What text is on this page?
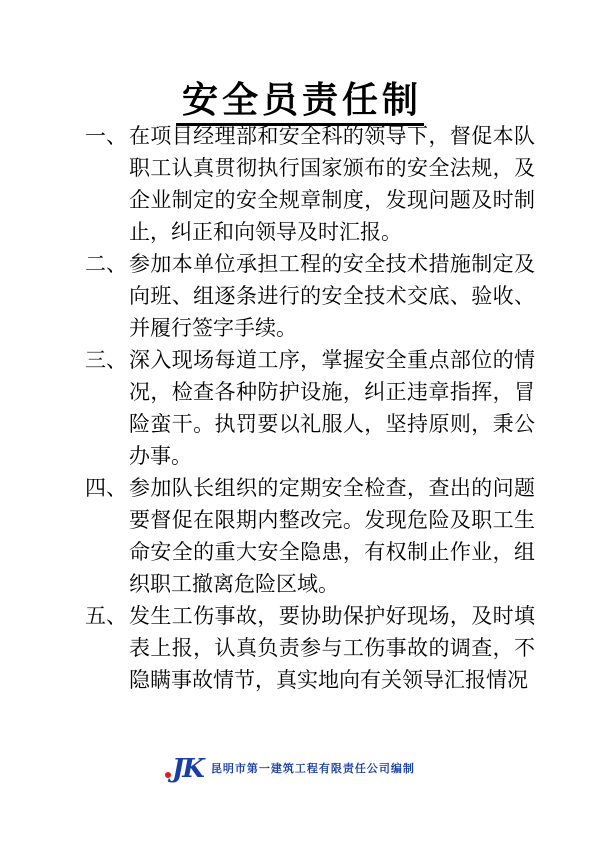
安全员责任制
一、 在项目经理部和安全科的领导下，督促本队职工认真贯彻执行国家颁布的安全法规，及企业制定的安全规章制度，发现问题及时制止，纠正和向领导及时汇报。
二、 参加本单位承担工程的安全技术措施制定及向班、组逐条进行的安全技术交底、验收、并履行签字手续。
三、 深入现场每道工序，掌握安全重点部位的情况，检查各种防护设施，纠正违章指挥，冒险蛮干。执罚要以礼服人，坚持原则，秉公办事。
四、 参加队长组织的定期安全检查，查出的问题要督促在限期内整改完。发现危险及职工生命安全的重大安全隐患，有权制止作业，组织职工撤离危险区域。
五、 发生工伤事故，要协助保护好现场，及时填表上报，认真负责参与工伤事故的调查，不隐瞒事故情节，真实地向有关领导汇报情况
JK 昆明市第一建筑工程有限责任公司编制
